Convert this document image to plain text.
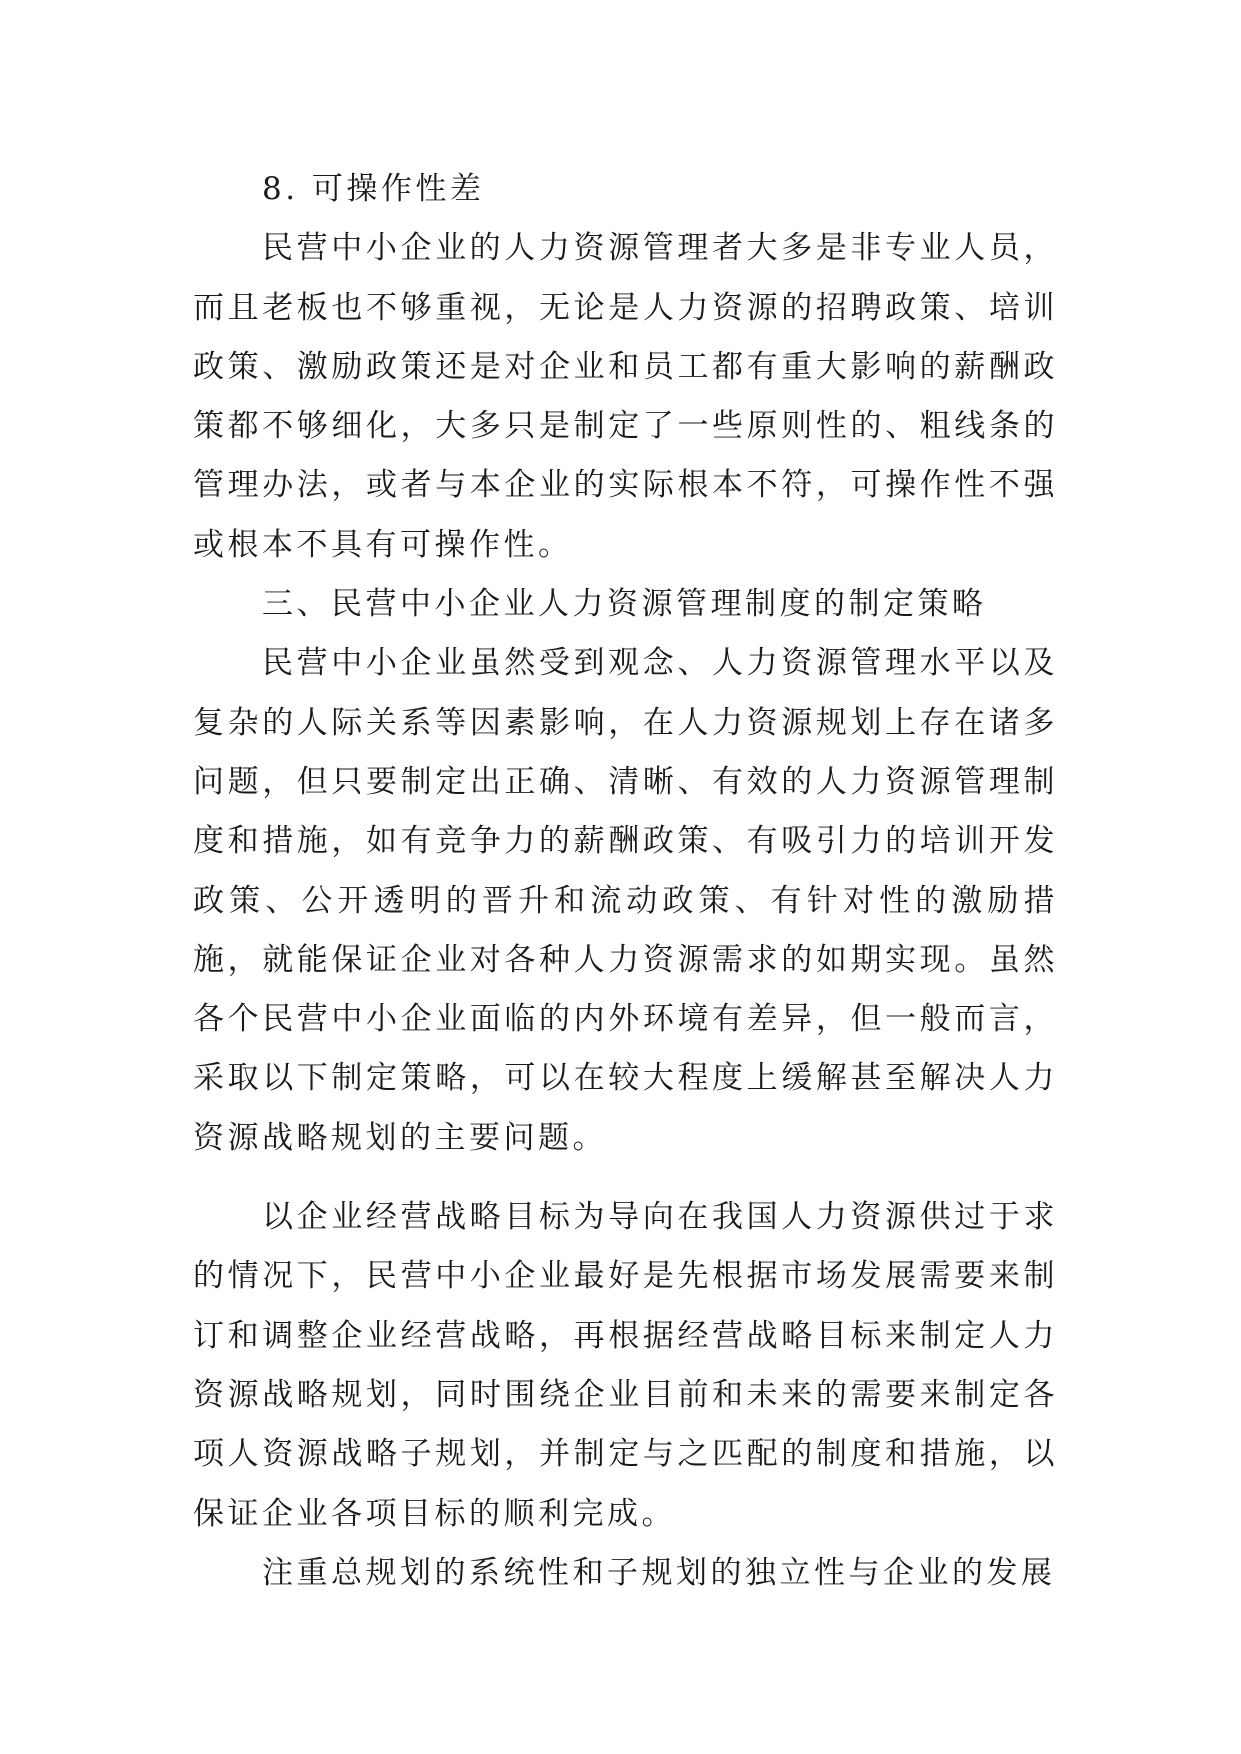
8. 可操作性差

民营中小企业的人力资源管理者大多是非专业人员，而且老板也不够重视，无论是人力资源的招聘政策、培训政策、激励政策还是对企业和员工都有重大影响的薪酬政策都不够细化，大多只是制定了一些原则性的、粗线条的管理办法，或者与本企业的实际根本不符，可操作性不强或根本不具有可操作性。

三、民营中小企业人力资源管理制度的制定策略

民营中小企业虽然受到观念、人力资源管理水平以及复杂的人际关系等因素影响，在人力资源规划上存在诸多问题，但只要制定出正确、清晰、有效的人力资源管理制度和措施，如有竞争力的薪酬政策、有吸引力的培训开发政策、公开透明的晋升和流动政策、有针对性的激励措施，就能保证企业对各种人力资源需求的如期实现。虽然各个民营中小企业面临的内外环境有差异，但一般而言，采取以下制定策略，可以在较大程度上缓解甚至解决人力资源战略规划的主要问题。

以企业经营战略目标为导向在我国人力资源供过于求的情况下，民营中小企业最好是先根据市场发展需要来制订和调整企业经营战略，再根据经营战略目标来制定人力资源战略规划，同时围绕企业目前和未来的需要来制定各项人资源战略子规划，并制定与之匹配的制度和措施，以保证企业各项目标的顺利完成。

注重总规划的系统性和子规划的独立性与企业的发展
